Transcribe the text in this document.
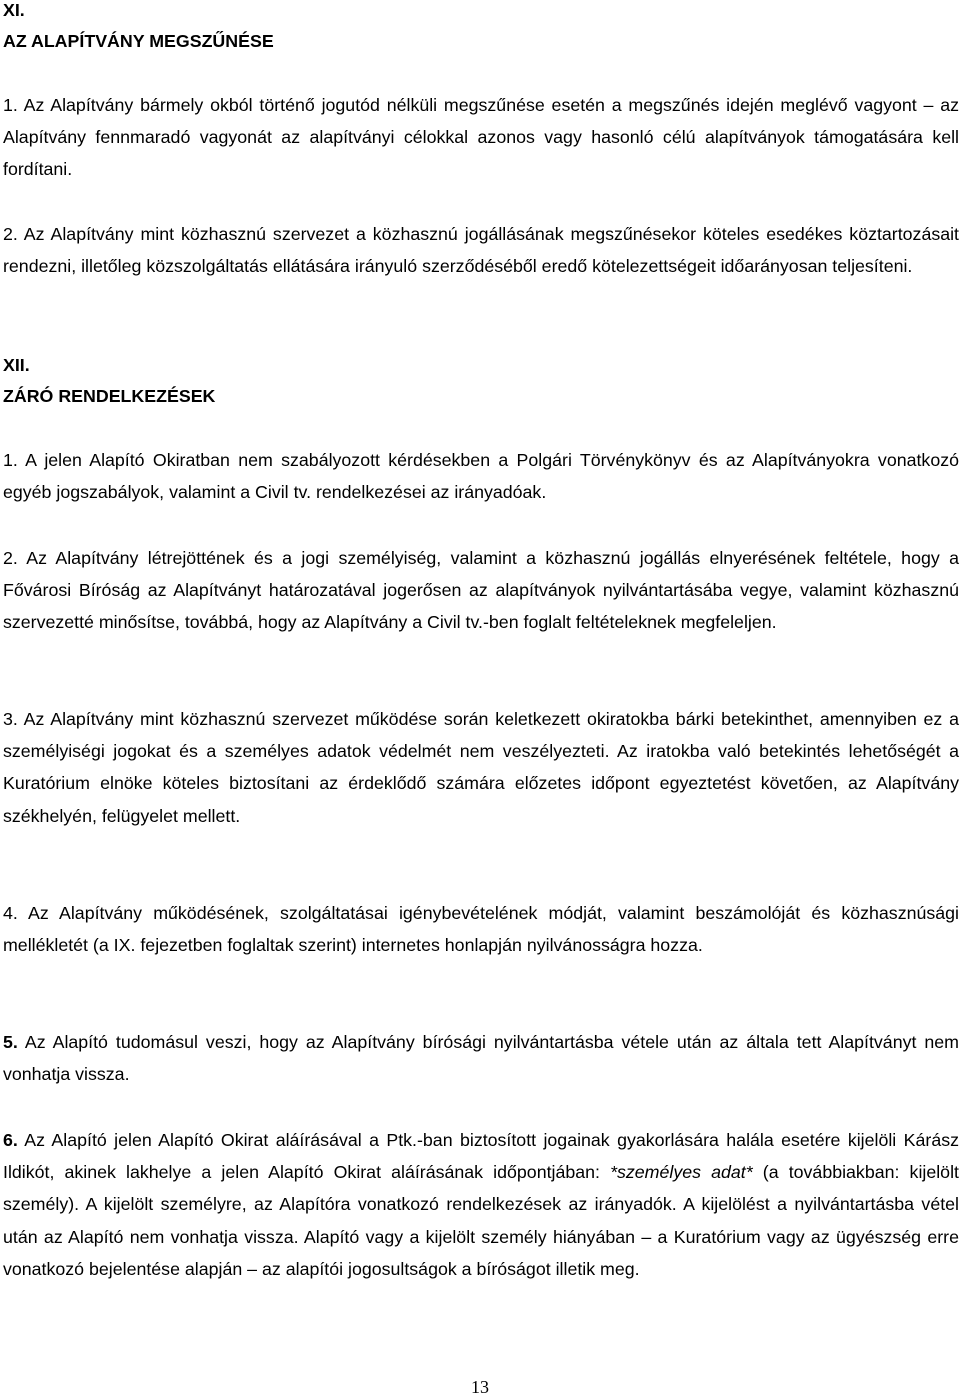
XI.
AZ ALAPÍTVÁNY MEGSZŰNÉSE

1. Az Alapítvány bármely okból történő jogutód nélküli megszűnése esetén a megszűnés idején meglévő vagyont – az Alapítvány fennmaradó vagyonát az alapítványi célokkal azonos vagy hasonló célú alapítványok támogatására kell fordítani.

2. Az Alapítvány mint közhasznú szervezet a közhasznú jogállásának megszűnésekor köteles esedékes köztartozásait rendezni, illetőleg közszolgáltatás ellátására irányuló szerződéséből eredő kötelezettségeit időarányosan teljesíteni.

XII.
ZÁRÓ RENDELKEZÉSEK

1. A jelen Alapító Okiratban nem szabályozott kérdésekben a Polgári Törvénykönyv és az Alapítványokra vonatkozó egyéb jogszabályok, valamint a Civil tv. rendelkezései az irányadóak.

2. Az Alapítvány létrejöttének és a jogi személyiség, valamint a közhasznú jogállás elnyerésének feltétele, hogy a Fővárosi Bíróság az Alapítványt határozatával jogerősen az alapítványok nyilvántartásába vegye, valamint közhasznú szervezetté minősítse, továbbá, hogy az Alapítvány a Civil tv.-ben foglalt feltételeknek megfeleljen.

3. Az Alapítvány mint közhasznú szervezet működése során keletkezett okiratokba bárki betekinthet, amennyiben ez a személyiségi jogokat és a személyes adatok védelmét nem veszélyezteti. Az iratokba való betekintés lehetőségét a Kuratórium elnöke köteles biztosítani az érdeklődő számára előzetes időpont egyeztetést követően, az Alapítvány székhelyén, felügyelet mellett.

4. Az Alapítvány működésének, szolgáltatásai igénybevételének módját, valamint beszámolóját és közhasznúsági mellékletét (a IX. fejezetben foglaltak szerint) internetes honlapján nyilvánosságra hozza.

5. Az Alapító tudomásul veszi, hogy az Alapítvány bírósági nyilvántartásba vétele után az általa tett Alapítványt nem vonhatja vissza.

6. Az Alapító jelen Alapító Okirat aláírásával a Ptk.-ban biztosított jogainak gyakorlására halála esetére kijelöli Kárász Ildikót, akinek lakhelye a jelen Alapító Okirat aláírásának időpontjában: *személyes adat* (a továbbiakban: kijelölt személy). A kijelölt személyre, az Alapítóra vonatkozó rendelkezések az irányadók. A kijelölést a nyilvántartásba vétel után az Alapító nem vonhatja vissza. Alapító vagy a kijelölt személy hiányában – a Kuratórium vagy az ügyészség erre vonatkozó bejelentése alapján – az alapítói jogosultságok a bíróságot illetik meg.

13
